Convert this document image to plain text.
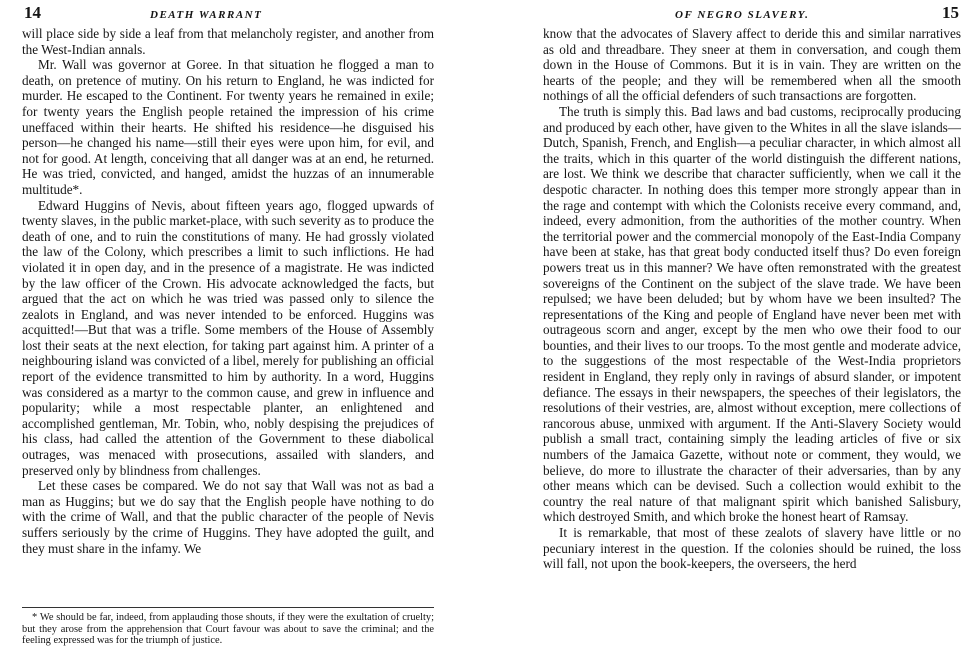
14	DEATH WARRANT

will place side by side a leaf from that melancholy register, and another from the West-Indian annals.

Mr. Wall was governor at Goree. In that situation he flogged a man to death, on pretence of mutiny. On his return to England, he was indicted for murder. He escaped to the Continent. For twenty years he remained in exile; for twenty years the English people retained the impression of his crime uneffaced within their hearts. He shifted his residence—he disguised his person—he changed his name—still their eyes were upon him, for evil, and not for good. At length, conceiving that all danger was at an end, he returned. He was tried, convicted, and hanged, amidst the huzzas of an innumerable multitude*.

Edward Huggins of Nevis, about fifteen years ago, flogged upwards of twenty slaves, in the public market-place, with such severity as to produce the death of one, and to ruin the constitutions of many. He had grossly violated the law of the Colony, which prescribes a limit to such inflictions. He had violated it in open day, and in the presence of a magistrate. He was indicted by the law officer of the Crown. His advocate acknowledged the facts, but argued that the act on which he was tried was passed only to silence the zealots in England, and was never intended to be enforced. Huggins was acquitted!—But that was a trifle. Some members of the House of Assembly lost their seats at the next election, for taking part against him. A printer of a neighbouring island was convicted of a libel, merely for publishing an official report of the evidence transmitted to him by authority. In a word, Huggins was considered as a martyr to the common cause, and grew in influence and popularity; while a most respectable planter, an enlightened and accomplished gentleman, Mr. Tobin, who, nobly despising the prejudices of his class, had called the attention of the Government to these diabolical outrages, was menaced with prosecutions, assailed with slanders, and preserved only by blindness from challenges.

Let these cases be compared. We do not say that Wall was not as bad a man as Huggins; but we do say that the English people have nothing to do with the crime of Wall, and that the public character of the people of Nevis suffers seriously by the crime of Huggins. They have adopted the guilt, and they must share in the infamy. We

* We should be far, indeed, from applauding those shouts, if they were the exultation of cruelty; but they arose from the apprehension that Court favour was about to save the criminal; and the feeling expressed was for the triumph of justice.
OF NEGRO SLAVERY.	15

know that the advocates of Slavery affect to deride this and similar narratives as old and threadbare. They sneer at them in conversation, and cough them down in the House of Commons. But it is in vain. They are written on the hearts of the people; and they will be remembered when all the smooth nothings of all the official defenders of such transactions are forgotten.

The truth is simply this. Bad laws and bad customs, reciprocally producing and produced by each other, have given to the Whites in all the slave islands—Dutch, Spanish, French, and English—a peculiar character, in which almost all the traits, which in this quarter of the world distinguish the different nations, are lost. We think we describe that character sufficiently, when we call it the despotic character. In nothing does this temper more strongly appear than in the rage and contempt with which the Colonists receive every command, and, indeed, every admonition, from the authorities of the mother country. When the territorial power and the commercial monopoly of the East-India Company have been at stake, has that great body conducted itself thus? Do even foreign powers treat us in this manner? We have often remonstrated with the greatest sovereigns of the Continent on the subject of the slave trade. We have been repulsed; we have been deluded; but by whom have we been insulted? The representations of the King and people of England have never been met with outrageous scorn and anger, except by the men who owe their food to our bounties, and their lives to our troops. To the most gentle and moderate advice, to the suggestions of the most respectable of the West-India proprietors resident in England, they reply only in ravings of absurd slander, or impotent defiance. The essays in their newspapers, the speeches of their legislators, the resolutions of their vestries, are, almost without exception, mere collections of rancorous abuse, unmixed with argument. If the Anti-Slavery Society would publish a small tract, containing simply the leading articles of five or six numbers of the Jamaica Gazette, without note or comment, they would, we believe, do more to illustrate the character of their adversaries, than by any other means which can be devised. Such a collection would exhibit to the country the real nature of that malignant spirit which banished Salisbury, which destroyed Smith, and which broke the honest heart of Ramsay.

It is remarkable, that most of these zealots of slavery have little or no pecuniary interest in the question. If the colonies should be ruined, the loss will fall, not upon the book-keepers, the overseers, the herd
